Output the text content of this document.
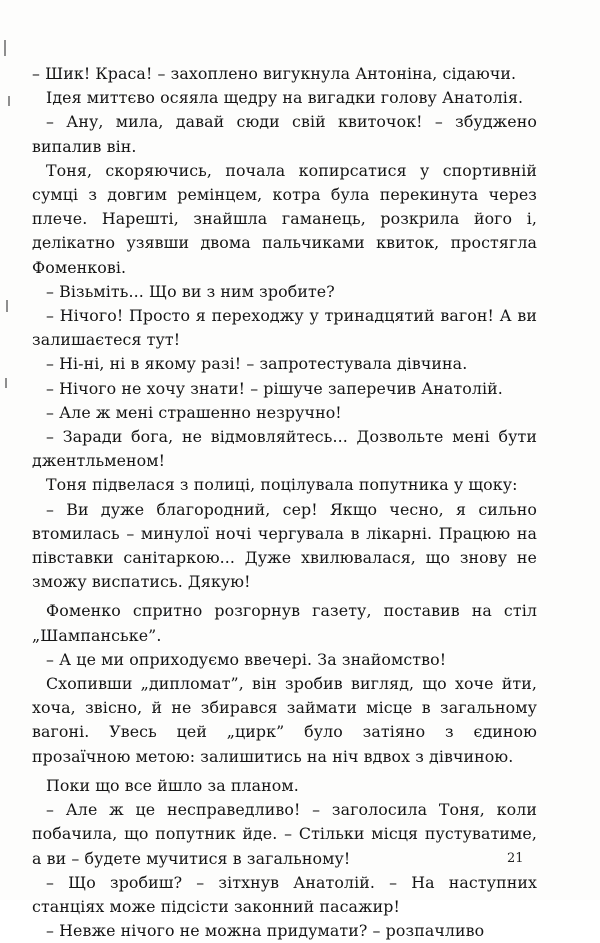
– Шик! Краса! – захоплено вигукнула Антоніна, сідаючи.

Ідея миттєво осяяла щедру на вигадки голову Анатолія.

– Ану, мила, давай сюди свій квиточок! – збуджено випалив він.

Тоня, скоряючись, почала копирсатися у спортивній сумці з довгим ремінцем, котра була перекинута через плече. Нарешті, знайшла гаманець, розкрила його і, делікатно узявши двома пальчиками квиток, простягла Фоменкові.

– Візьміть... Що ви з ним зробите?

– Нічого! Просто я переходжу у тринадцятий вагон! А ви залишаєтеся тут!

– Ні-ні, ні в якому разі! – запротестувала дівчина.

– Нічого не хочу знати! – рішуче заперечив Анатолій.

– Але ж мені страшенно незручно!

– Заради бога, не відмовляйтесь... Дозвольте мені бути джентльменом!

Тоня підвелася з полиці, поцілувала попутника у щоку:

– Ви дуже благородний, сер! Якщо чесно, я сильно втомилась – минулої ночі чергувала в лікарні. Працюю на півставки санітаркою... Дуже хвилювалася, що знову не зможу виспатись. Дякую!

Фоменко спритно розгорнув газету, поставив на стіл „Шампанське”.

– А це ми оприходуємо ввечері. За знайомство!

Схопивши „дипломат”, він зробив вигляд, що хоче йти, хоча, звісно, й не збирався займати місце в загальному вагоні. Увесь цей „цирк” було затіяно з єдиною прозаїчною метою: залишитись на ніч вдвох з дівчиною.

Поки що все йшло за планом.

– Але ж це несправедливо! – заголосила Тоня, коли побачила, що попутник йде. – Стільки місця пустуватиме, а ви – будете мучитися в загальному!

– Що зробиш? – зітхнув Анатолій. – На наступних станціях може підсісти законний пасажир!

– Невже нічого не можна придумати? – розпачливо

21
